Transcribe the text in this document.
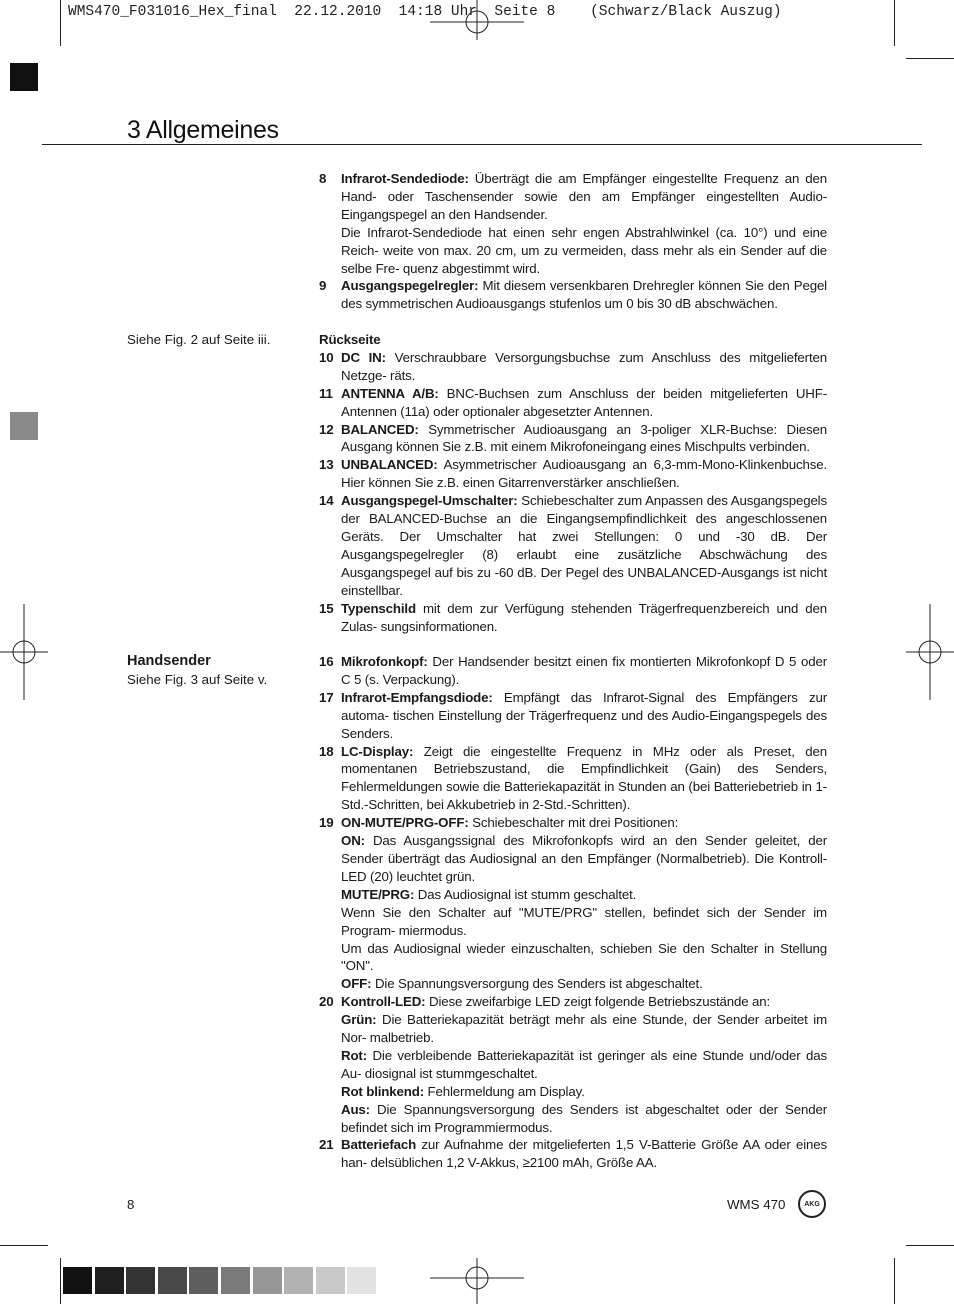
WMS470_F031016_Hex_final  22.12.2010  14:18 Uhr  Seite 8    (Schwarz/Black Auszug)
3 Allgemeines
Siehe Fig. 2 auf Seite iii.
Handsender
Siehe Fig. 3 auf Seite v.
8	Infrarot-Sendediode: Überträgt die am Empfänger eingestellte Frequenz an den Hand- oder Taschensender sowie den am Empfänger eingestellten Audio-Eingangspegel an den Handsender.

Die Infrarot-Sendediode hat einen sehr engen Abstrahlwinkel (ca. 10°) und eine Reich- weite von max. 20 cm, um zu vermeiden, dass mehr als ein Sender auf die selbe Fre- quenz abgestimmt wird.

9	Ausgangspegelregler: Mit diesem versenkbaren Drehregler können Sie den Pegel des symmetrischen Audioausgangs stufenlos um 0 bis 30 dB abschwächen.

Rückseite

10 DC IN: Verschraubbare Versorgungsbuchse zum Anschluss des mitgelieferten Netzge- räts.

11 ANTENNA A/B: BNC-Buchsen zum Anschluss der beiden mitgelieferten UHF-Antennen (11a) oder optionaler abgesetzter Antennen.

12 BALANCED: Symmetrischer Audioausgang an 3-poliger XLR-Buchse: Diesen Ausgang können Sie z.B. mit einem Mikrofoneingang eines Mischpults verbinden.

13 UNBALANCED: Asymmetrischer Audioausgang an 6,3-mm-Mono-Klinkenbuchse. Hier können Sie z.B. einen Gitarrenverstärker anschließen.

14 Ausgangspegel-Umschalter: Schiebeschalter zum Anpassen des Ausgangspegels der BALANCED-Buchse an die Eingangsempfindlichkeit des angeschlossenen Geräts. Der Umschalter hat zwei Stellungen: 0 und -30 dB. Der Ausgangspegelregler (8) erlaubt eine zusätzliche Abschwächung des Ausgangspegel auf bis zu -60 dB. Der Pegel des UNBALANCED-Ausgangs ist nicht einstellbar.

15 Typenschild mit dem zur Verfügung stehenden Trägerfrequenzbereich und den Zulas- sungsinformationen.

16 Mikrofonkopf: Der Handsender besitzt einen fix montierten Mikrofonkopf D 5 oder C 5 (s. Verpackung).

17 Infrarot-Empfangsdiode: Empfängt das Infrarot-Signal des Empfängers zur automa- tischen Einstellung der Trägerfrequenz und des Audio-Eingangspegels des Senders.

18 LC-Display: Zeigt die eingestellte Frequenz in MHz oder als Preset, den momentanen Betriebszustand, die Empfindlichkeit (Gain) des Senders, Fehlermeldungen sowie die Batteriekapazität in Stunden an (bei Batteriebetrieb in 1-Std.-Schritten, bei Akkubetrieb in 2-Std.-Schritten).

19 ON-MUTE/PRG-OFF: Schiebeschalter mit drei Positionen:

ON: Das Ausgangssignal des Mikrofonkopfs wird an den Sender geleitet, der Sender überträgt das Audiosignal an den Empfänger (Normalbetrieb). Die Kontroll-LED (20) leuchtet grün.

MUTE/PRG: Das Audiosignal ist stumm geschaltet.

Wenn Sie den Schalter auf "MUTE/PRG" stellen, befindet sich der Sender im Program- miermodus.

Um das Audiosignal wieder einzuschalten, schieben Sie den Schalter in Stellung "ON".

OFF: Die Spannungsversorgung des Senders ist abgeschaltet.

20 Kontroll-LED: Diese zweifarbige LED zeigt folgende Betriebszustände an:

Grün: Die Batteriekapazität beträgt mehr als eine Stunde, der Sender arbeitet im Nor- malbetrieb.

Rot: Die verbleibende Batteriekapazität ist geringer als eine Stunde und/oder das Au- diosignal ist stummgeschaltet.

Rot blinkend: Fehlermeldung am Display.

Aus: Die Spannungsversorgung des Senders ist abgeschaltet oder der Sender befindet sich im Programmiermodus.

21 Batteriefach zur Aufnahme der mitgelieferten 1,5 V-Batterie Größe AA oder eines han- delsüblichen 1,2 V-Akkus, ≥2100 mAh, Größe AA.

8	WMS 470	AKG
